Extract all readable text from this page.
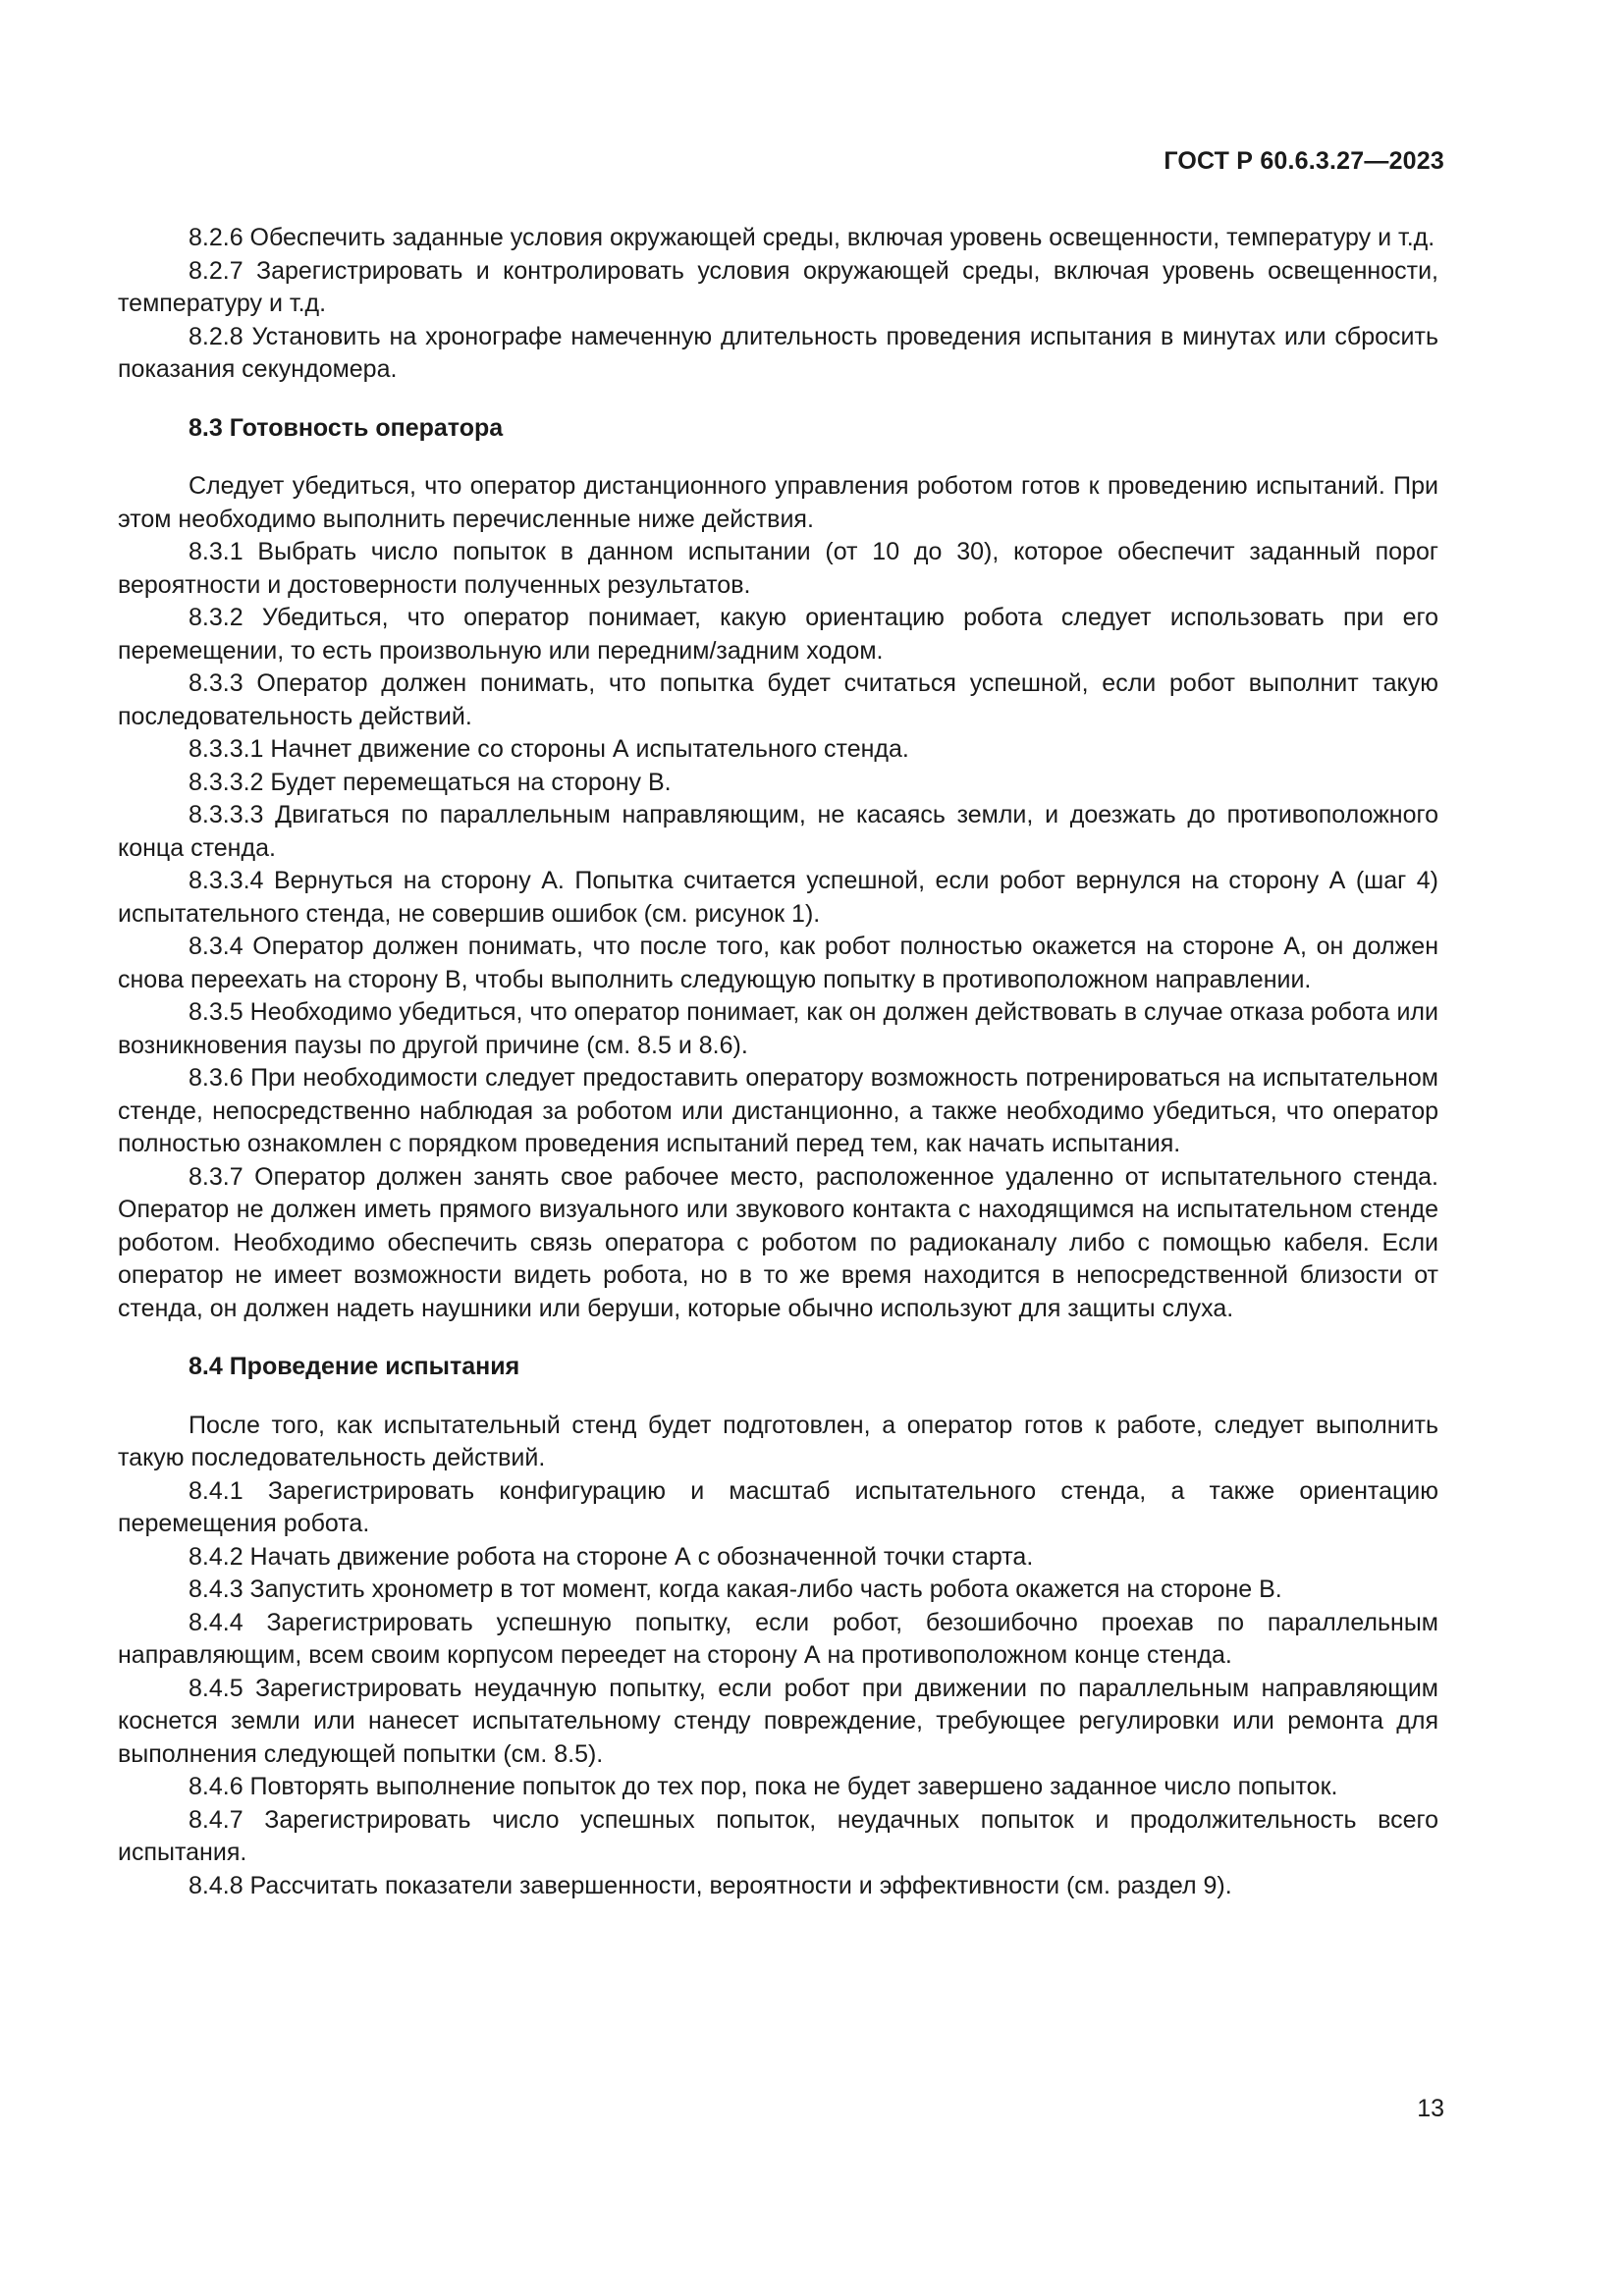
ГОСТ Р 60.6.3.27—2023

8.2.6 Обеспечить заданные условия окружающей среды, включая уровень освещенности, температуру и т.д.

8.2.7 Зарегистрировать и контролировать условия окружающей среды, включая уровень освещенности, температуру и т.д.

8.2.8 Установить на хронографе намеченную длительность проведения испытания в минутах или сбросить показания секундомера.

8.3 Готовность оператора

Следует убедиться, что оператор дистанционного управления роботом готов к проведению испытаний. При этом необходимо выполнить перечисленные ниже действия.

8.3.1 Выбрать число попыток в данном испытании (от 10 до 30), которое обеспечит заданный порог вероятности и достоверности полученных результатов.

8.3.2 Убедиться, что оператор понимает, какую ориентацию робота следует использовать при его перемещении, то есть произвольную или передним/задним ходом.

8.3.3 Оператор должен понимать, что попытка будет считаться успешной, если робот выполнит такую последовательность действий.

8.3.3.1 Начнет движение со стороны А испытательного стенда.

8.3.3.2 Будет перемещаться на сторону В.

8.3.3.3 Двигаться по параллельным направляющим, не касаясь земли, и доезжать до противоположного конца стенда.

8.3.3.4 Вернуться на сторону А. Попытка считается успешной, если робот вернулся на сторону А (шаг 4) испытательного стенда, не совершив ошибок (см. рисунок 1).

8.3.4 Оператор должен понимать, что после того, как робот полностью окажется на стороне А, он должен снова переехать на сторону В, чтобы выполнить следующую попытку в противоположном направлении.

8.3.5 Необходимо убедиться, что оператор понимает, как он должен действовать в случае отказа робота или возникновения паузы по другой причине (см. 8.5 и 8.6).

8.3.6 При необходимости следует предоставить оператору возможность потренироваться на испытательном стенде, непосредственно наблюдая за роботом или дистанционно, а также необходимо убедиться, что оператор полностью ознакомлен с порядком проведения испытаний перед тем, как начать испытания.

8.3.7 Оператор должен занять свое рабочее место, расположенное удаленно от испытательного стенда. Оператор не должен иметь прямого визуального или звукового контакта с находящимся на испытательном стенде роботом. Необходимо обеспечить связь оператора с роботом по радиоканалу либо с помощью кабеля. Если оператор не имеет возможности видеть робота, но в то же время находится в непосредственной близости от стенда, он должен надеть наушники или беруши, которые обычно используют для защиты слуха.

8.4 Проведение испытания

После того, как испытательный стенд будет подготовлен, а оператор готов к работе, следует выполнить такую последовательность действий.

8.4.1 Зарегистрировать конфигурацию и масштаб испытательного стенда, а также ориентацию перемещения робота.

8.4.2 Начать движение робота на стороне А с обозначенной точки старта.

8.4.3 Запустить хронометр в тот момент, когда какая-либо часть робота окажется на стороне В.

8.4.4 Зарегистрировать успешную попытку, если робот, безошибочно проехав по параллельным направляющим, всем своим корпусом переедет на сторону А на противоположном конце стенда.

8.4.5 Зарегистрировать неудачную попытку, если робот при движении по параллельным направляющим коснется земли или нанесет испытательному стенду повреждение, требующее регулировки или ремонта для выполнения следующей попытки (см. 8.5).

8.4.6 Повторять выполнение попыток до тех пор, пока не будет завершено заданное число попыток.

8.4.7 Зарегистрировать число успешных попыток, неудачных попыток и продолжительность всего испытания.

8.4.8 Рассчитать показатели завершенности, вероятности и эффективности (см. раздел 9).

13
